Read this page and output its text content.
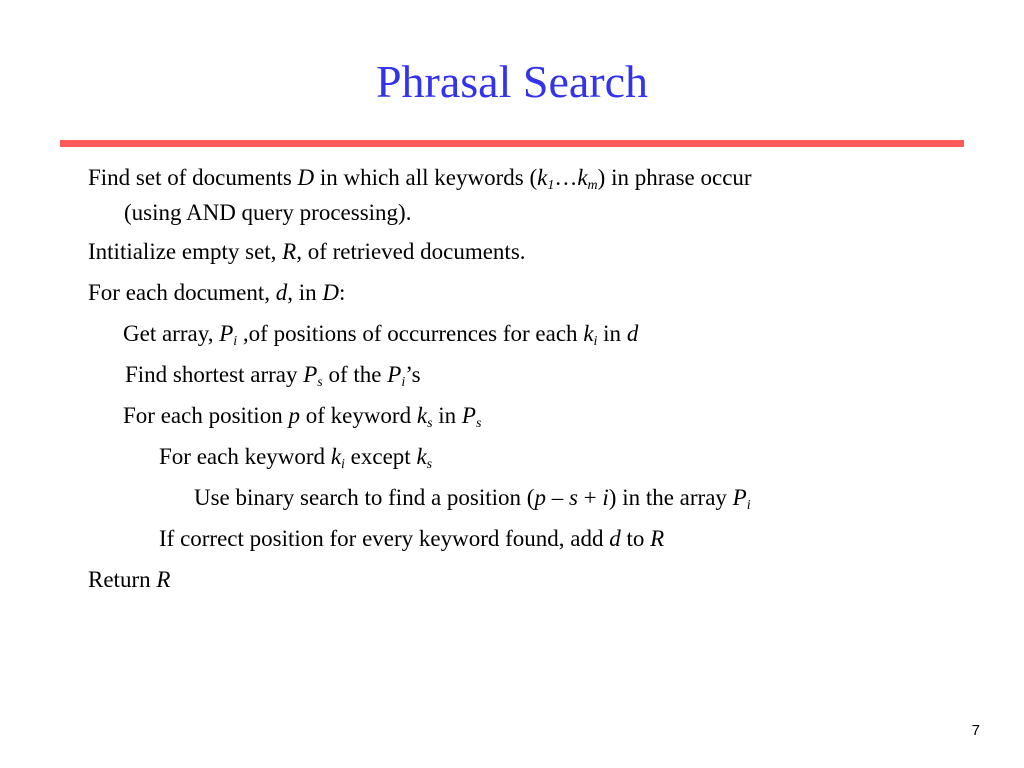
Phrasal Search
Find set of documents D in which all keywords $(k_1\dots k_m)$ in phrase occur
(using AND query processing).
Intitialize empty set, R, of retrieved documents.
For each document, d, in D:
Get array, $P_i$ ,of positions of occurrences for each $k_i$ in d
Find shortest array $P_s$ of the $P_i’s$
For each position p of keyword $k_s$ in $P_s$
For each keyword $k_i$ except $k_s$
Use binary search to find a position (p – s + i) in the array $P_i$
If correct position for every keyword found, add d to R
Return R
7
